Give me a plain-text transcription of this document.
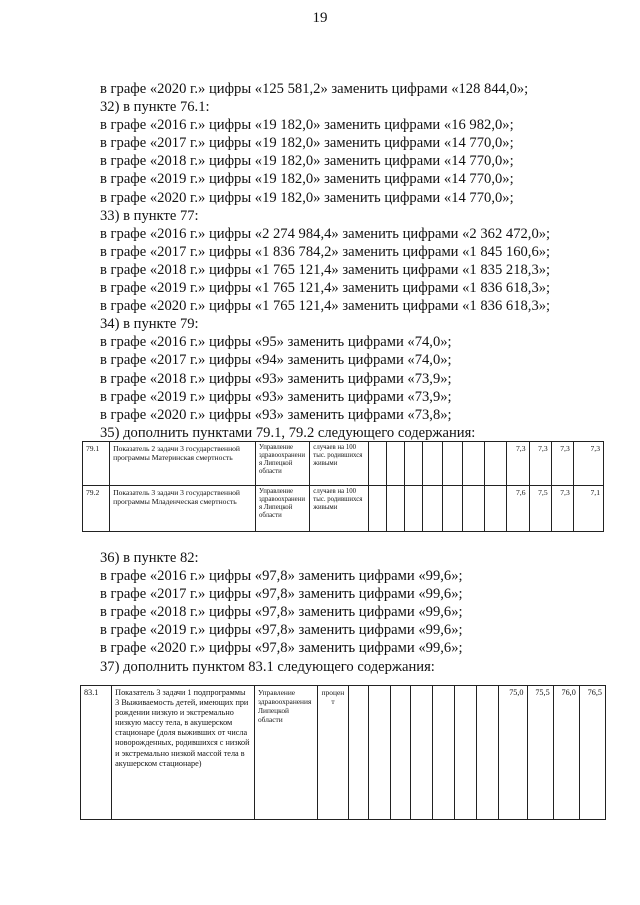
19
в графе «2020 г.» цифры «125 581,2» заменить цифрами «128 844,0»;
32) в пункте 76.1:
в графе «2016 г.» цифры «19 182,0» заменить цифрами «16 982,0»;
в графе «2017 г.» цифры «19 182,0» заменить цифрами «14 770,0»;
в графе «2018 г.» цифры «19 182,0» заменить цифрами «14 770,0»;
в графе «2019 г.» цифры «19 182,0» заменить цифрами «14 770,0»;
в графе «2020 г.» цифры «19 182,0» заменить цифрами «14 770,0»;
33) в пункте 77:
в графе «2016 г.» цифры «2 274 984,4» заменить цифрами «2 362 472,0»;
в графе «2017 г.» цифры «1 836 784,2» заменить цифрами «1 845 160,6»;
в графе «2018 г.» цифры «1 765 121,4» заменить цифрами «1 835 218,3»;
в графе «2019 г.» цифры «1 765 121,4» заменить цифрами «1 836 618,3»;
в графе «2020 г.» цифры «1 765 121,4» заменить цифрами «1 836 618,3»;
34) в пункте 79:
в графе «2016 г.» цифры «95» заменить цифрами «74,0»;
в графе «2017 г.» цифры «94» заменить цифрами «74,0»;
в графе «2018 г.» цифры «93» заменить цифрами «73,9»;
в графе «2019 г.» цифры «93» заменить цифрами «73,9»;
в графе «2020 г.» цифры «93» заменить цифрами «73,8»;
35) дополнить пунктами 79.1, 79.2 следующего содержания:
79.1	Показатель 2 задачи 3 государственной программы Материнская смертность	Управление здравоохранения Липецкой области	случаев на 100 тыс. родившихся живыми								7,3	7,3	7,3	7,3
79.2	Показатель 3 задачи 3 государственной программы Младенческая смертность	Управление здравоохранения Липецкой области	случаев на 100 тыс. родившихся живыми								7,6	7,5	7,3	7,1
36) в пункте 82:
в графе «2016 г.» цифры «97,8» заменить цифрами «99,6»;
в графе «2017 г.» цифры «97,8» заменить цифрами «99,6»;
в графе «2018 г.» цифры «97,8» заменить цифрами «99,6»;
в графе «2019 г.» цифры «97,8» заменить цифрами «99,6»;
в графе «2020 г.» цифры «97,8» заменить цифрами «99,6»;
37) дополнить пунктом 83.1 следующего содержания:
83.1	Показатель 3 задачи 1 подпрограммы 3 Выживаемость детей, имеющих при рождении низкую и экстремально низкую массу тела, в акушерском стационаре (доля выживших от числа новорожденных, родившихся с низкой и экстремально низкой массой тела в акушерском стационаре)	Управление здравоохранения Липецкой области	процент								75,0	75,5	76,0	76,5
